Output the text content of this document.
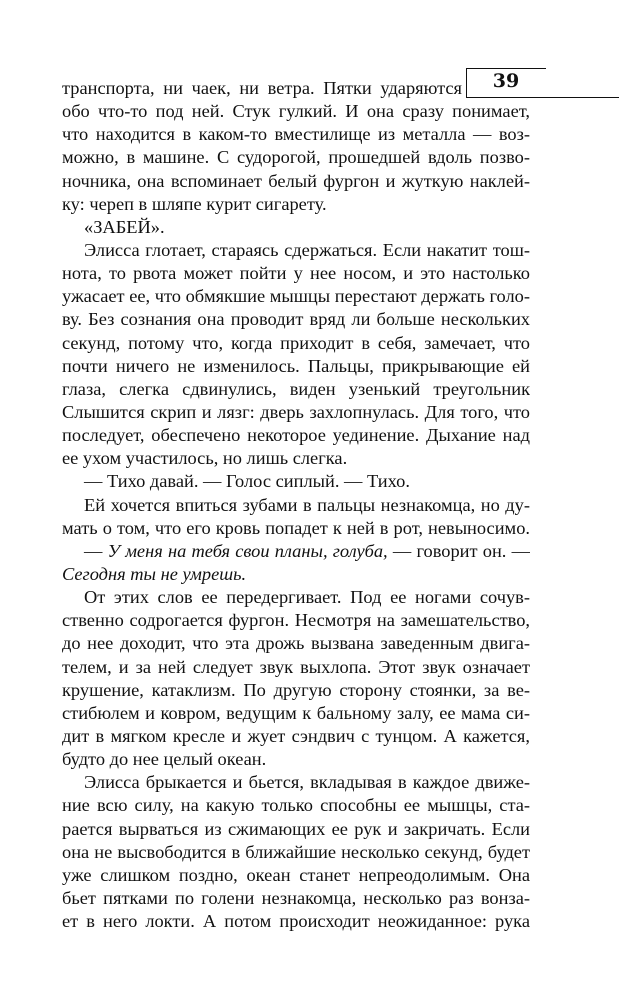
39
транспорта, ни чаек, ни ветра. Пятки ударяются
обо что-то под ней. Стук гулкий. И она сразу понимает,
что находится в каком-то вместилище из металла — воз-
можно, в машине. С судорогой, прошедшей вдоль позво-
ночника, она вспоминает белый фургон и жуткую наклей-
ку: череп в шляпе курит сигарету.
«ЗАБЕЙ».
Элисса глотает, стараясь сдержаться. Если накатит тош-
нота, то рвота может пойти у нее носом, и это настолько
ужасает ее, что обмякшие мышцы перестают держать голо-
ву. Без сознания она проводит вряд ли больше нескольких
секунд, потому что, когда приходит в себя, замечает, что
почти ничего не изменилось. Пальцы, прикрывающие ей
глаза, слегка сдвинулись, виден узенький треугольник
Слышится скрип и лязг: дверь захлопнулась. Для того, что
последует, обеспечено некоторое уединение. Дыхание над
ее ухом участилось, но лишь слегка.
— Тихо давай. — Голос сиплый. — Тихо.
Ей хочется впиться зубами в пальцы незнакомца, но ду-
мать о том, что его кровь попадет к ней в рот, невыносимо.
— У меня на тебя свои планы, голуба, — говорит он. —
Сегодня ты не умрешь.
От этих слов ее передергивает. Под ее ногами сочув-
ственно содрогается фургон. Несмотря на замешательство,
до нее доходит, что эта дрожь вызвана заведенным двига-
телем, и за ней следует звук выхлопа. Этот звук означает
крушение, катаклизм. По другую сторону стоянки, за ве-
стибюлем и ковром, ведущим к бальному залу, ее мама си-
дит в мягком кресле и жует сэндвич с тунцом. А кажется,
будто до нее целый океан.
Элисса брыкается и бьется, вкладывая в каждое движе-
ние всю силу, на какую только способны ее мышцы, ста-
рается вырваться из сжимающих ее рук и закричать. Если
она не высвободится в ближайшие несколько секунд, будет
уже слишком поздно, океан станет непреодолимым. Она
бьет пятками по голени незнакомца, несколько раз вонза-
ет в него локти. А потом происходит неожиданное: рука
